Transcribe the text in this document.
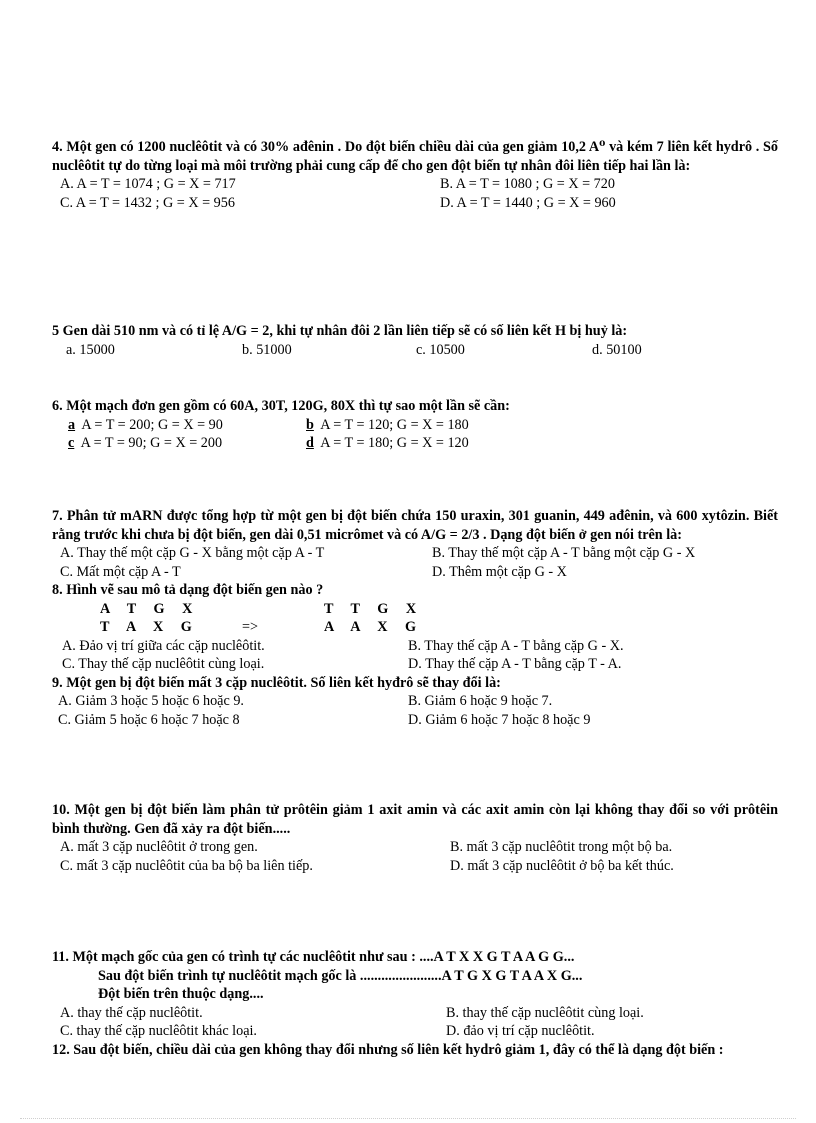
4. Một gen có 1200 nuclêôtit và có 30% ađênin . Do đột biến chiều dài của gen giảm 10,2 A⁰ và kém 7 liên kết hydrô . Số nuclêôtit tự do từng loại mà môi trường phải cung cấp để cho gen đột biến tự nhân đôi liên tiếp hai lần là:
A. A = T = 1074 ; G = X = 717	B. A = T = 1080 ; G = X = 720
C. A = T = 1432 ; G = X = 956	D. A = T = 1440 ; G = X = 960
5 Gen dài 510 nm và có tỉ lệ A/G = 2, khi tự nhân đôi 2 lần liên tiếp sẽ có số liên kết H bị huỷ là:
a. 15000	b. 51000	c. 10500	d. 50100
6. Một mạch đơn gen gồm có 60A, 30T, 120G, 80X thì tự sao một lần sẽ cần:
a A = T = 200; G = X = 90	b A = T = 120; G = X = 180
c A = T = 90; G = X = 200	d A = T = 180; G = X = 120
7. Phân tử mARN được tổng hợp từ một gen bị đột biến chứa 150 uraxin, 301 guanin, 449 ađênin, và 600 xytôzin. Biết rằng trước khi chưa bị đột biến, gen dài 0,51 micrômet và có A/G = 2/3 . Dạng đột biến ở gen nói trên là:
A. Thay thế một cặp G - X bằng một cặp A - T	B. Thay thế một cặp A - T bằng một cặp G - X
C. Mất một cặp A - T	D. Thêm một cặp G - X
8. Hình vẽ sau mô tả dạng đột biến gen nào ?
A T G X	T T G X
T A X G	=>	A A X G
A. Đảo vị trí giữa các cặp nuclêôtit.	B. Thay thế cặp A - T bằng cặp G - X.
C. Thay thế cặp nuclêôtit cùng loại.	D. Thay thế cặp A - T bằng cặp T - A.
9. Một gen bị đột biến mất 3 cặp nuclêôtit. Số liên kết hyđrô sẽ thay đổi là:
A. Giảm 3 hoặc 5 hoặc 6 hoặc 9.	B. Giảm 6 hoặc 9 hoặc 7.
C. Giảm 5 hoặc 6 hoặc 7 hoặc 8	D. Giảm 6 hoặc 7 hoặc 8 hoặc 9
10. Một gen bị đột biến làm phân tử prôtêin giảm 1 axit amin và các axit amin còn lại không thay đổi so với prôtêin bình thường. Gen đã xảy ra đột biến.....
A. mất 3 cặp nuclêôtit ở trong gen.	B. mất 3 cặp nuclêôtit trong một bộ ba.
C. mất 3 cặp nuclêôtit của ba bộ ba liên tiếp.	D. mất 3 cặp nuclêôtit ở bộ ba kết thúc.
11. Một mạch gốc của gen có trình tự các nuclêôtit như sau : ....A T X X G T A A G G...
Sau đột biến trình tự nuclêôtit mạch gốc là .......................A T G X G T A A X G...
Đột biến trên thuộc dạng....
A. thay thế cặp nuclêôtit.	B. thay thế cặp nuclêôtit cùng loại.
C. thay thế cặp nuclêôtit khác loại.	D. đảo vị trí cặp nuclêôtit.
12. Sau đột biến, chiều dài của gen không thay đổi nhưng số liên kết hydrô giảm 1, đây có thể là dạng đột biến :
